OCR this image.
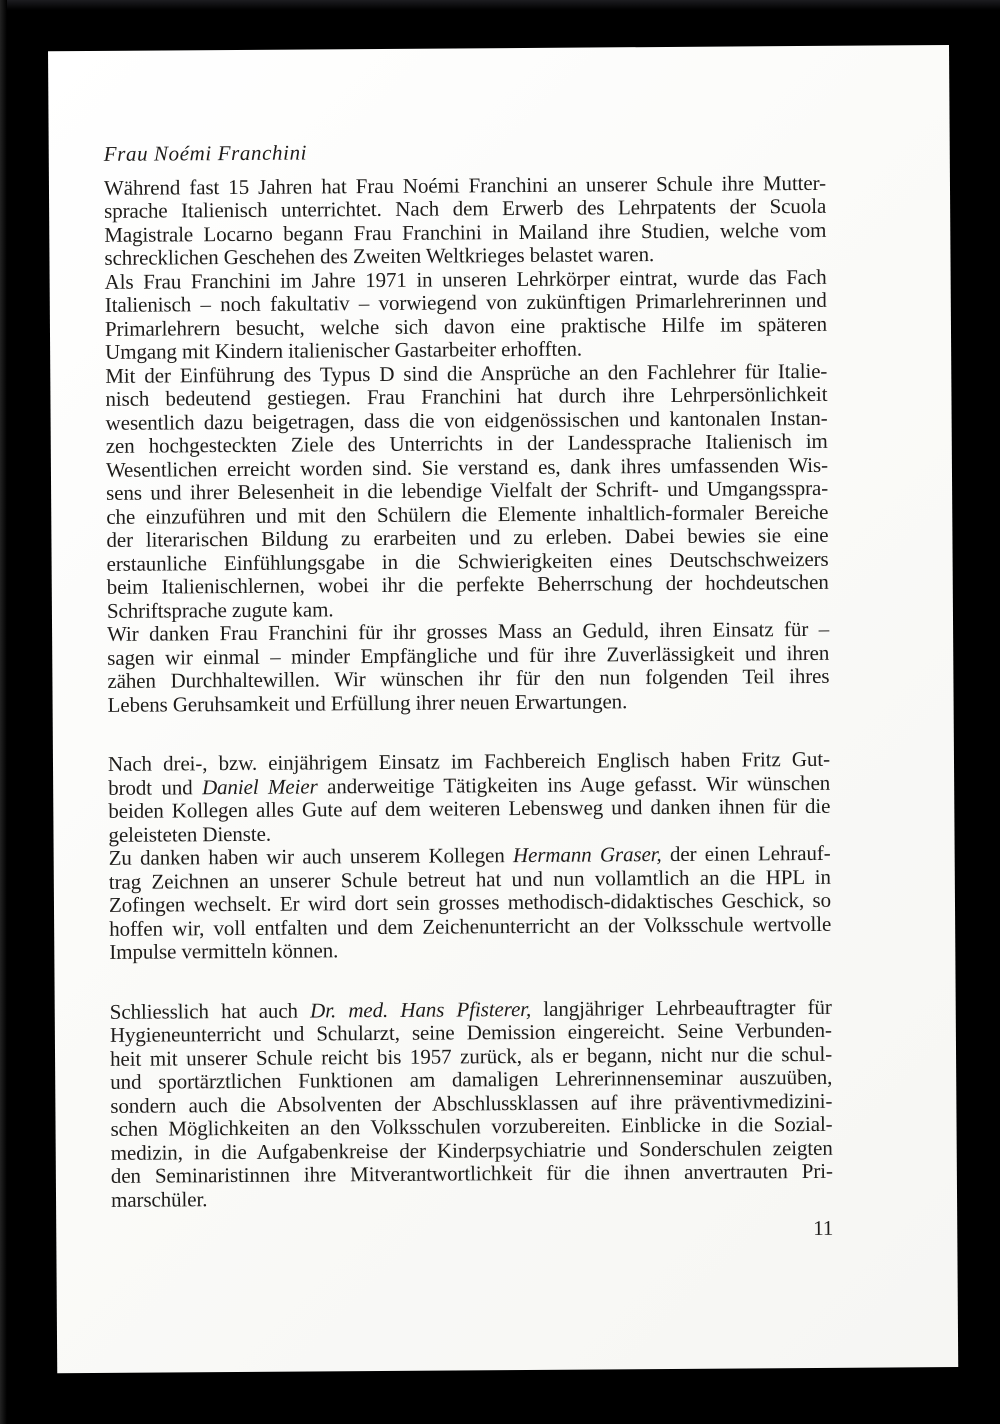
Frau Noémi Franchini
Während fast 15 Jahren hat Frau Noémi Franchini an unserer Schule ihre Mutter-
sprache Italienisch unterrichtet. Nach dem Erwerb des Lehrpatents der Scuola
Magistrale Locarno begann Frau Franchini in Mailand ihre Studien, welche vom
schrecklichen Geschehen des Zweiten Weltkrieges belastet waren.
Als Frau Franchini im Jahre 1971 in unseren Lehrkörper eintrat, wurde das Fach
Italienisch – noch fakultativ – vorwiegend von zukünftigen Primarlehrerinnen und
Primarlehrern besucht, welche sich davon eine praktische Hilfe im späteren
Umgang mit Kindern italienischer Gastarbeiter erhofften.
Mit der Einführung des Typus D sind die Ansprüche an den Fachlehrer für Italie-
nisch bedeutend gestiegen. Frau Franchini hat durch ihre Lehrpersönlichkeit
wesentlich dazu beigetragen, dass die von eidgenössischen und kantonalen Instan-
zen hochgesteckten Ziele des Unterrichts in der Landessprache Italienisch im
Wesentlichen erreicht worden sind. Sie verstand es, dank ihres umfassenden Wis-
sens und ihrer Belesenheit in die lebendige Vielfalt der Schrift- und Umgangsspra-
che einzuführen und mit den Schülern die Elemente inhaltlich-formaler Bereiche
der literarischen Bildung zu erarbeiten und zu erleben. Dabei bewies sie eine
erstaunliche Einfühlungsgabe in die Schwierigkeiten eines Deutschschweizers
beim Italienischlernen, wobei ihr die perfekte Beherrschung der hochdeutschen
Schriftsprache zugute kam.
Wir danken Frau Franchini für ihr grosses Mass an Geduld, ihren Einsatz für –
sagen wir einmal – minder Empfängliche und für ihre Zuverlässigkeit und ihren
zähen Durchhaltewillen. Wir wünschen ihr für den nun folgenden Teil ihres
Lebens Geruhsamkeit und Erfüllung ihrer neuen Erwartungen.
Nach drei-, bzw. einjährigem Einsatz im Fachbereich Englisch haben Fritz Gut-
brodt und Daniel Meier anderweitige Tätigkeiten ins Auge gefasst. Wir wünschen
beiden Kollegen alles Gute auf dem weiteren Lebensweg und danken ihnen für die
geleisteten Dienste.
Zu danken haben wir auch unserem Kollegen Hermann Graser, der einen Lehrauf-
trag Zeichnen an unserer Schule betreut hat und nun vollamtlich an die HPL in
Zofingen wechselt. Er wird dort sein grosses methodisch-didaktisches Geschick, so
hoffen wir, voll entfalten und dem Zeichenunterricht an der Volksschule wertvolle
Impulse vermitteln können.
Schliesslich hat auch Dr. med. Hans Pfisterer, langjähriger Lehrbeauftragter für
Hygieneunterricht und Schularzt, seine Demission eingereicht. Seine Verbunden-
heit mit unserer Schule reicht bis 1957 zurück, als er begann, nicht nur die schul-
und sportärztlichen Funktionen am damaligen Lehrerinnenseminar auszuüben,
sondern auch die Absolventen der Abschlussklassen auf ihre präventivmedizini-
schen Möglichkeiten an den Volksschulen vorzubereiten. Einblicke in die Sozial-
medizin, in die Aufgabenkreise der Kinderpsychiatrie und Sonderschulen zeigten
den Seminaristinnen ihre Mitverantwortlichkeit für die ihnen anvertrauten Pri-
marschüler.
11
